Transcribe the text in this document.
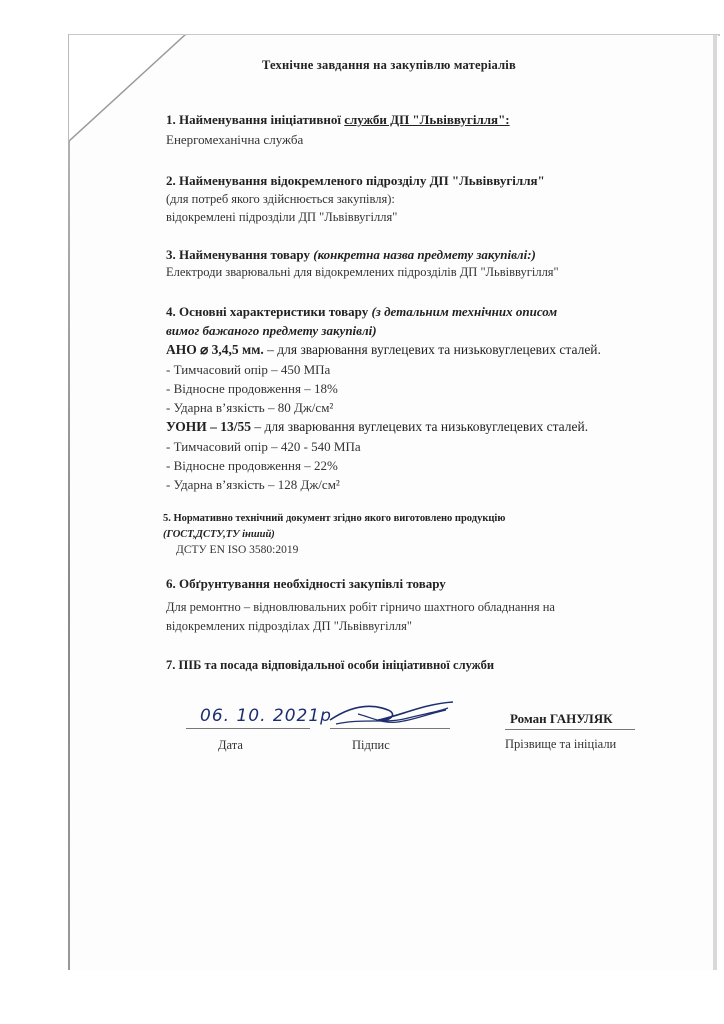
Технічне завдання на закупівлю матеріалів
1. Найменування ініціативної служби ДП "Львіввугілля":
Енергомеханічна служба
2. Найменування відокремленого підрозділу ДП "Львіввугілля"
(для потреб якого здійснюється закупівля):
відокремлені підрозділи ДП "Львіввугілля"
3. Найменування товару (конкретна назва предмету закупівлі:)
Електроди зварювальні для відокремлених підрозділів ДП "Львіввугілля"
4. Основні характеристики товару (з детальним технічних описом
вимог бажаного предмету закупівлі)
АНО ⌀ 3,4,5 мм. – для зварювання вуглецевих та низьковуглецевих сталей.
- Тимчасовий опір – 450 МПа
- Відносне продовження – 18%
- Ударна в’язкість – 80 Дж/см²
УОНИ – 13/55 – для зварювання вуглецевих та низьковуглецевих сталей.
- Тимчасовий опір – 420 - 540 МПа
- Відносне продовження – 22%
- Ударна в’язкість – 128 Дж/см²
5. Нормативно технічний документ згідно якого виготовлено продукцію
(ГОСТ,ДСТУ,ТУ інший)
ДСТУ EN ISO 3580:2019
6. Обґрунтування необхідності закупівлі товару
Для ремонтно – відновлювальних робіт гірничо шахтного обладнання на
відокремлених підрозділах ДП "Львіввугілля"
7. ПІБ та посада відповідальної особи ініціативної служби
06. 10. 2021р	Роман ГАНУЛЯК
Дата	Підпис	Прізвище та ініціали
